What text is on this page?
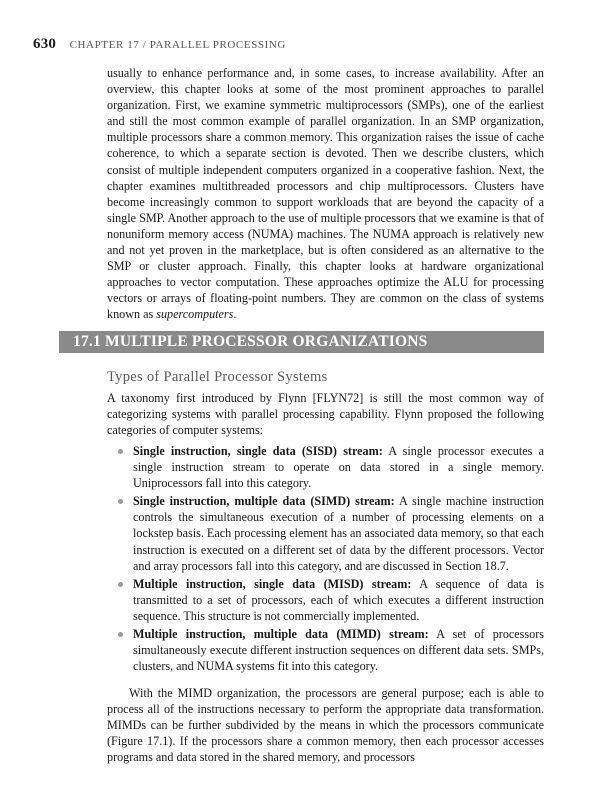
630 CHAPTER 17 / PARALLEL PROCESSING

usually to enhance performance and, in some cases, to increase availability. After an overview, this chapter looks at some of the most prominent approaches to parallel organization. First, we examine symmetric multiprocessors (SMPs), one of the earliest and still the most common example of parallel organization. In an SMP organization, multiple processors share a common memory. This organization raises the issue of cache coherence, to which a separate section is devoted. Then we describe clusters, which consist of multiple independent computers organized in a cooperative fashion. Next, the chapter examines multithreaded processors and chip multiprocessors. Clusters have become increasingly common to support workloads that are beyond the capacity of a single SMP. Another approach to the use of multiple processors that we examine is that of nonuniform memory access (NUMA) machines. The NUMA approach is relatively new and not yet proven in the marketplace, but is often considered as an alternative to the SMP or cluster approach. Finally, this chapter looks at hardware organizational approaches to vector computation. These approaches optimize the ALU for processing vectors or arrays of floating-point numbers. They are common on the class of systems known as supercomputers.

17.1 MULTIPLE PROCESSOR ORGANIZATIONS
Types of Parallel Processor Systems

A taxonomy first introduced by Flynn [FLYN72] is still the most common way of categorizing systems with parallel processing capability. Flynn proposed the following categories of computer systems:

Single instruction, single data (SISD) stream: A single processor executes a single instruction stream to operate on data stored in a single memory. Uniprocessors fall into this category.
Single instruction, multiple data (SIMD) stream: A single machine instruction controls the simultaneous execution of a number of processing elements on a lockstep basis. Each processing element has an associated data memory, so that each instruction is executed on a different set of data by the different processors. Vector and array processors fall into this category, and are discussed in Section 18.7.
Multiple instruction, single data (MISD) stream: A sequence of data is transmitted to a set of processors, each of which executes a different instruction sequence. This structure is not commercially implemented.
Multiple instruction, multiple data (MIMD) stream: A set of processors simultaneously execute different instruction sequences on different data sets. SMPs, clusters, and NUMA systems fit into this category.

With the MIMD organization, the processors are general purpose; each is able to process all of the instructions necessary to perform the appropriate data transformation. MIMDs can be further subdivided by the means in which the processors communicate (Figure 17.1). If the processors share a common memory, then each processor accesses programs and data stored in the shared memory, and processors
